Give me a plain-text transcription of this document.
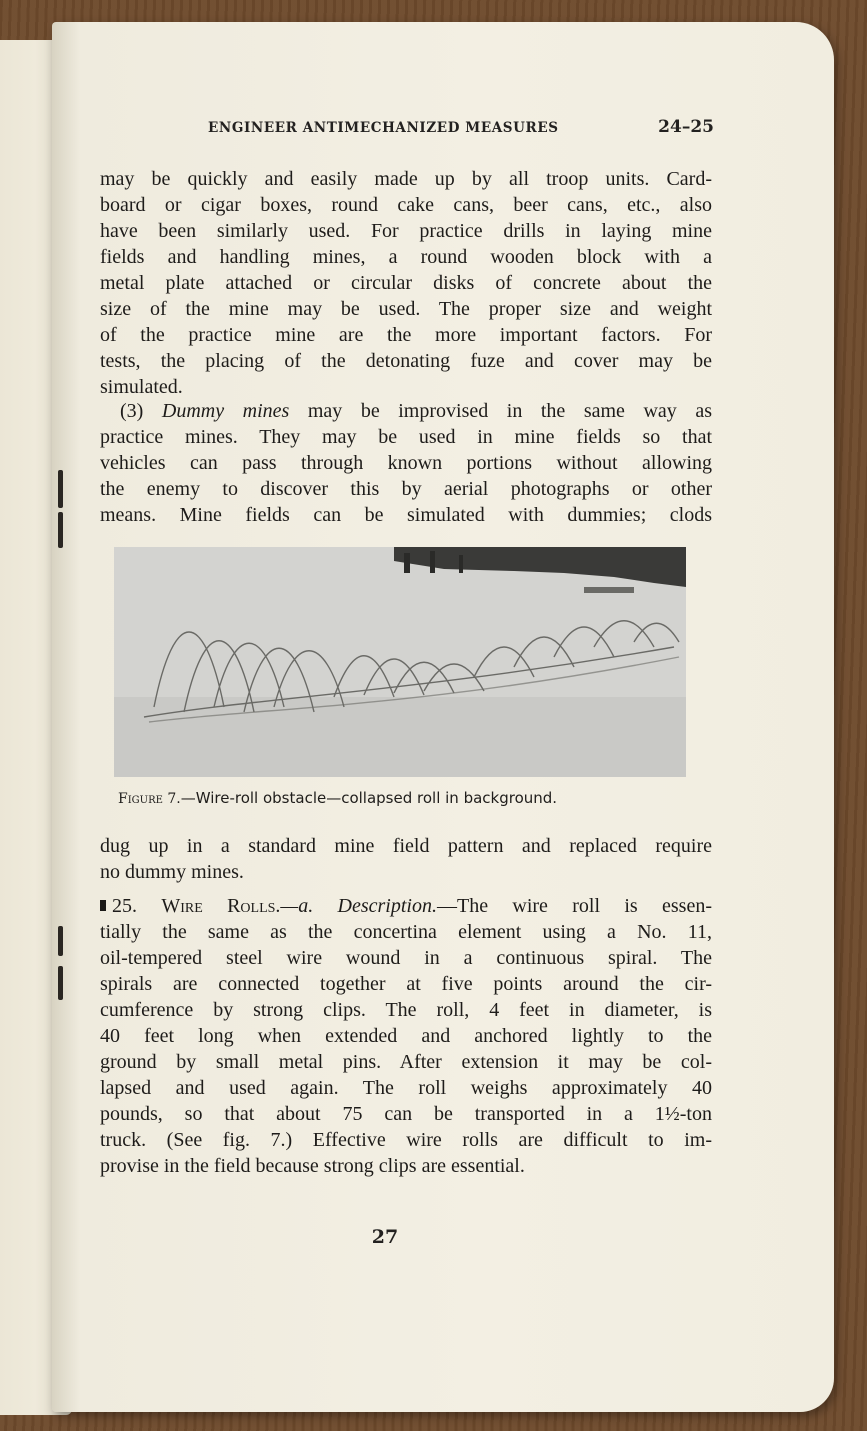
ENGINEER ANTIMECHANIZED MEASURES	24–25
may be quickly and easily made up by all troop units. Card-
board or cigar boxes, round cake cans, beer cans, etc., also
have been similarly used. For practice drills in laying mine
fields and handling mines, a round wooden block with a
metal plate attached or circular disks of concrete about the
size of the mine may be used. The proper size and weight
of the practice mine are the more important factors. For
tests, the placing of the detonating fuze and cover may be
simulated.
(3) Dummy mines may be improvised in the same way as
practice mines. They may be used in mine fields so that
vehicles can pass through known portions without allowing
the enemy to discover this by aerial photographs or other
means. Mine fields can be simulated with dummies; clods
Figure 7.—Wire-roll obstacle—collapsed roll in background.
dug up in a standard mine field pattern and replaced require
no dummy mines.
25. Wire Rolls.—a. Description.—The wire roll is essen-
tially the same as the concertina element using a No. 11,
oil-tempered steel wire wound in a continuous spiral. The
spirals are connected together at five points around the cir-
cumference by strong clips. The roll, 4 feet in diameter, is
40 feet long when extended and anchored lightly to the
ground by small metal pins. After extension it may be col-
lapsed and used again. The roll weighs approximately 40
pounds, so that about 75 can be transported in a 1½-ton
truck. (See fig. 7.) Effective wire rolls are difficult to im-
provise in the field because strong clips are essential.
27
